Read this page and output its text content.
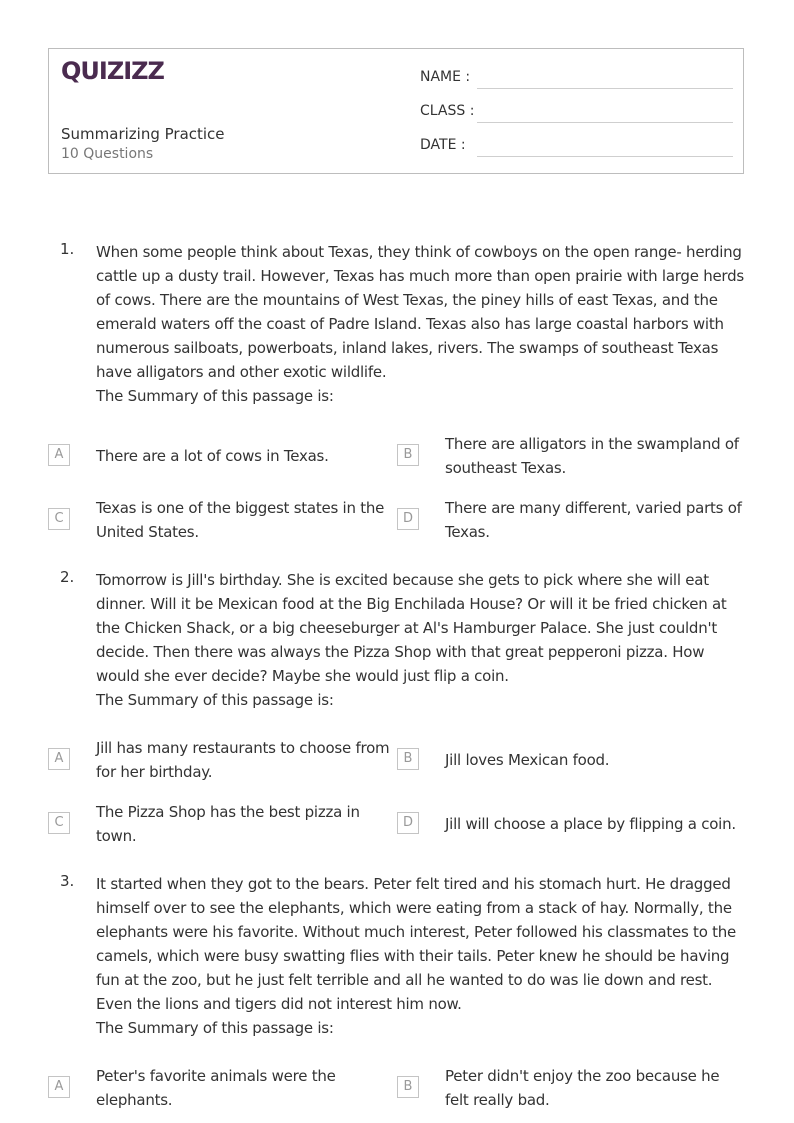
QUIZIZZ
Summarizing Practice
10 Questions
NAME :
CLASS :
DATE :
1. When some people think about Texas, they think of cowboys on the open range- herding cattle up a dusty trail. However, Texas has much more than open prairie with large herds of cows. There are the mountains of West Texas, the piney hills of east Texas, and the emerald waters off the coast of Padre Island. Texas also has large coastal harbors with numerous sailboats, powerboats, inland lakes, rivers. The swamps of southeast Texas have alligators and other exotic wildlife.

The Summary of this passage is:

A	There are a lot of cows in Texas.	B
There are alligators in the swampland of southeast Texas.
C
Texas is one of the biggest states in the United States.
D
There are many different, varied parts of Texas.
2. Tomorrow is Jill's birthday. She is excited because she gets to pick where she will eat dinner. Will it be Mexican food at the Big Enchilada House? Or will it be fried chicken at the Chicken Shack, or a big cheeseburger at Al's Hamburger Palace. She just couldn't decide. Then there was always the Pizza Shop with that great pepperoni pizza. How would she ever decide? Maybe she would just flip a coin.

The Summary of this passage is:

A
Jill has many restaurants to choose from for her birthday.
B	Jill loves Mexican food.
C
The Pizza Shop has the best pizza in town.
D	Jill will choose a place by flipping a coin.
3. It started when they got to the bears. Peter felt tired and his stomach hurt. He dragged himself over to see the elephants, which were eating from a stack of hay. Normally, the elephants were his favorite. Without much interest, Peter followed his classmates to the camels, which were busy swatting flies with their tails. Peter knew he should be having fun at the zoo, but he just felt terrible and all he wanted to do was lie down and rest. Even the lions and tigers did not interest him now.

The Summary of this passage is:

A
Peter's favorite animals were the elephants.
B
Peter didn't enjoy the zoo because he felt really bad.
